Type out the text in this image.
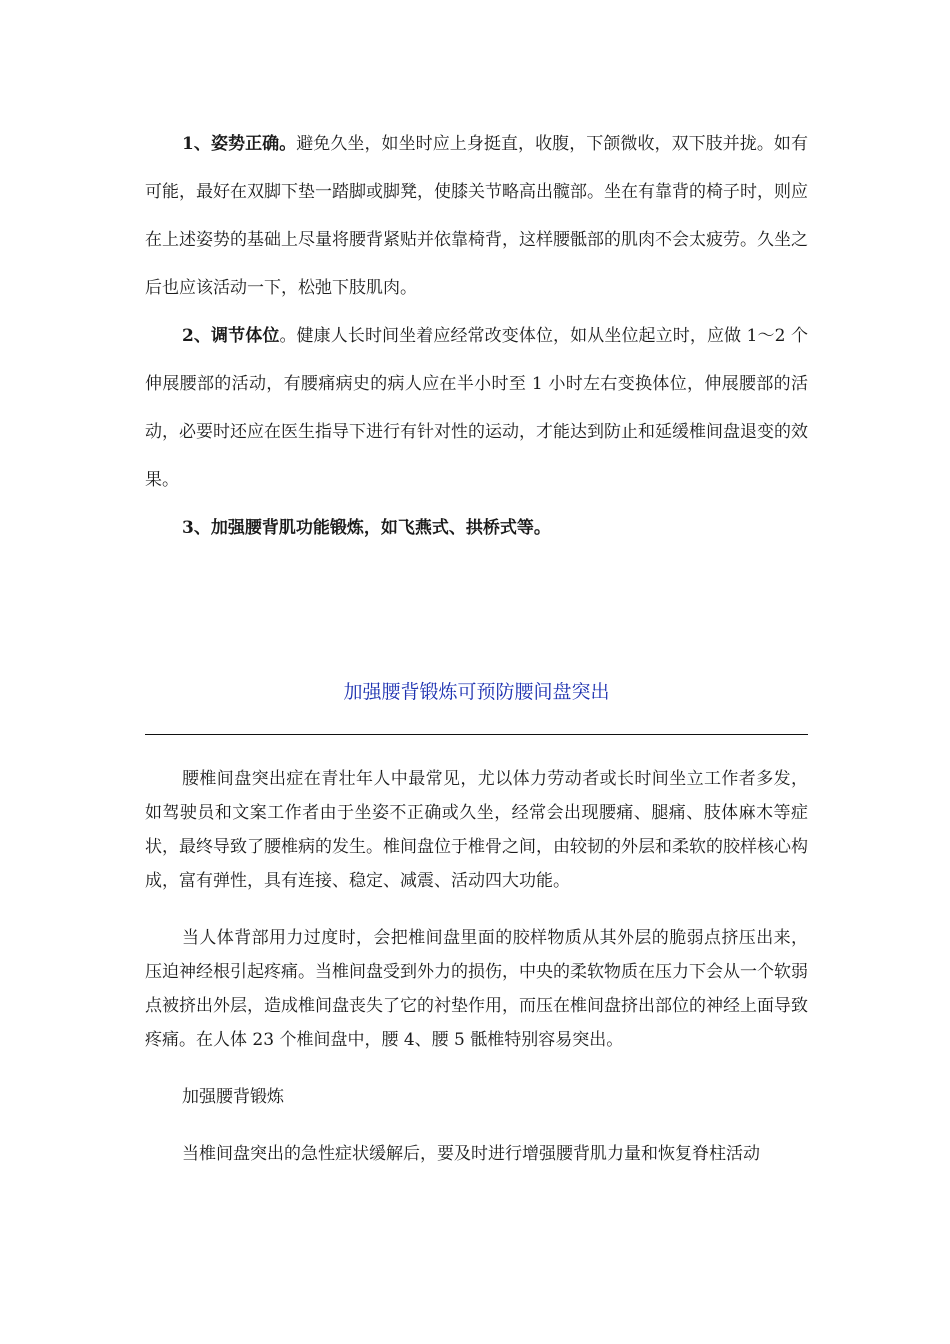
1、姿势正确。避免久坐，如坐时应上身挺直，收腹，下颌微收，双下肢并拢。如有可能，最好在双脚下垫一踏脚或脚凳，使膝关节略高出髋部。坐在有靠背的椅子时，则应在上述姿势的基础上尽量将腰背紧贴并依靠椅背，这样腰骶部的肌肉不会太疲劳。久坐之后也应该活动一下，松弛下肢肌肉。

2、调节体位。健康人长时间坐着应经常改变体位，如从坐位起立时，应做 1～2 个伸展腰部的活动，有腰痛病史的病人应在半小时至 1 小时左右变换体位，伸展腰部的活动，必要时还应在医生指导下进行有针对性的运动，才能达到防止和延缓椎间盘退变的效果。

3、加强腰背肌功能锻炼，如飞燕式、拱桥式等。

加强腰背锻炼可预防腰间盘突出

腰椎间盘突出症在青壮年人中最常见，尤以体力劳动者或长时间坐立工作者多发，如驾驶员和文案工作者由于坐姿不正确或久坐，经常会出现腰痛、腿痛、肢体麻木等症状，最终导致了腰椎病的发生。椎间盘位于椎骨之间，由较韧的外层和柔软的胶样核心构成，富有弹性，具有连接、稳定、减震、活动四大功能。

当人体背部用力过度时，会把椎间盘里面的胶样物质从其外层的脆弱点挤压出来，压迫神经根引起疼痛。当椎间盘受到外力的损伤，中央的柔软物质在压力下会从一个软弱点被挤出外层，造成椎间盘丧失了它的衬垫作用，而压在椎间盘挤出部位的神经上面导致疼痛。在人体 23 个椎间盘中，腰 4、腰 5 骶椎特别容易突出。

加强腰背锻炼

当椎间盘突出的急性症状缓解后，要及时进行增强腰背肌力量和恢复脊柱活动
